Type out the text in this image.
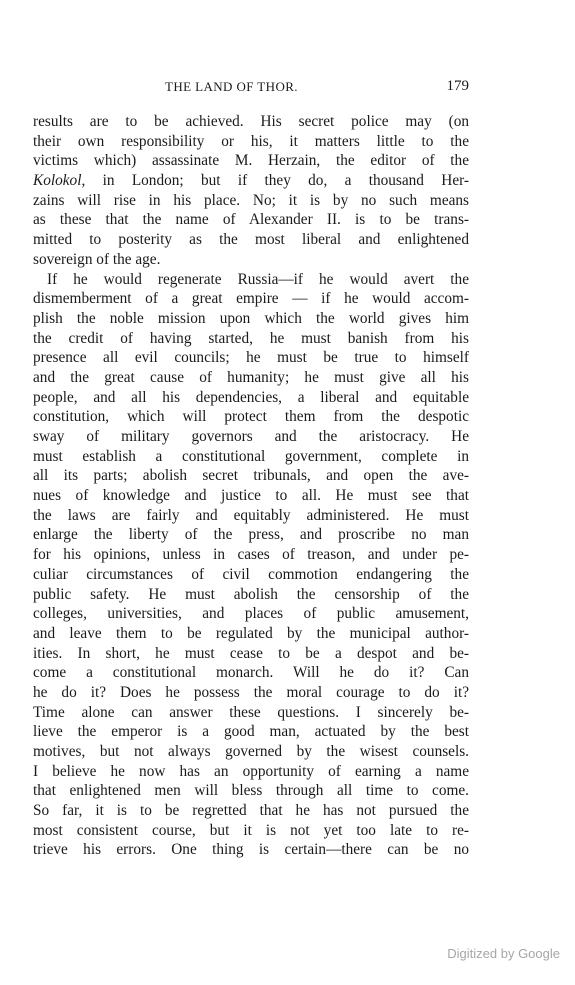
THE LAND OF THOR.	179
results are to be achieved. His secret police may (on
their own responsibility or his, it matters little to the
victims which) assassinate M. Herzain, the editor of the
Kolokol, in London; but if they do, a thousand Her-
zains will rise in his place. No; it is by no such means
as these that the name of Alexander II. is to be trans-
mitted to posterity as the most liberal and enlightened
sovereign of the age.
If he would regenerate Russia—if he would avert the
dismemberment of a great empire — if he would accom-
plish the noble mission upon which the world gives him
the credit of having started, he must banish from his
presence all evil councils; he must be true to himself
and the great cause of humanity; he must give all his
people, and all his dependencies, a liberal and equitable
constitution, which will protect them from the despotic
sway of military governors and the aristocracy. He
must establish a constitutional government, complete in
all its parts; abolish secret tribunals, and open the ave-
nues of knowledge and justice to all. He must see that
the laws are fairly and equitably administered. He must
enlarge the liberty of the press, and proscribe no man
for his opinions, unless in cases of treason, and under pe-
culiar circumstances of civil commotion endangering the
public safety. He must abolish the censorship of the
colleges, universities, and places of public amusement,
and leave them to be regulated by the municipal author-
ities. In short, he must cease to be a despot and be-
come a constitutional monarch. Will he do it? Can
he do it? Does he possess the moral courage to do it?
Time alone can answer these questions. I sincerely be-
lieve the emperor is a good man, actuated by the best
motives, but not always governed by the wisest counsels.
I believe he now has an opportunity of earning a name
that enlightened men will bless through all time to come.
So far, it is to be regretted that he has not pursued the
most consistent course, but it is not yet too late to re-
trieve his errors. One thing is certain—there can be no
Digitized by Google
